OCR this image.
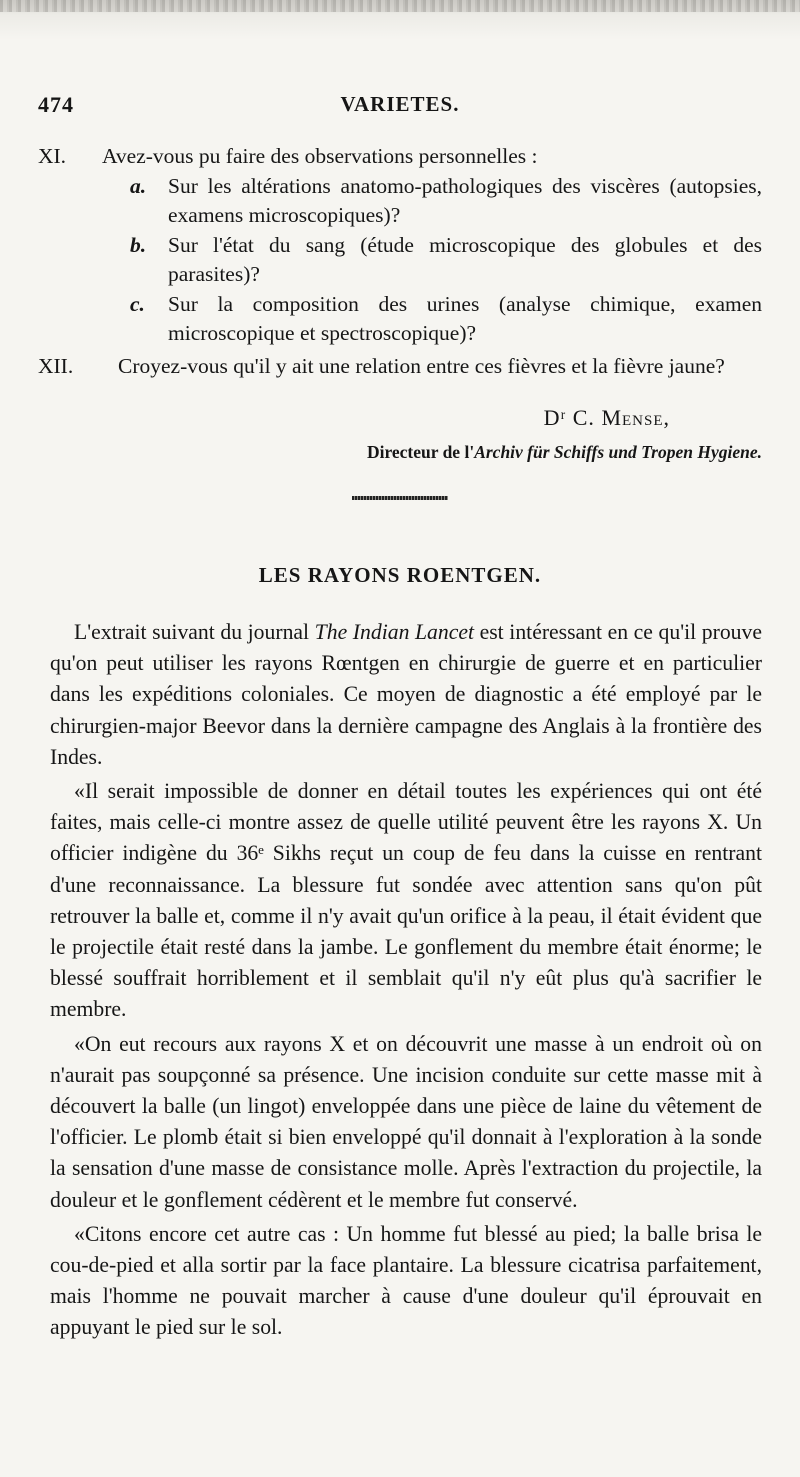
474	VARIETES.
XI. Avez-vous pu faire des observations personnelles :
a. Sur les altérations anatomo-pathologiques des viscères (autopsies, examens microscopiques)?
b. Sur l'état du sang (étude microscopique des globules et des parasites)?
c. Sur la composition des urines (analyse chimique, examen microscopique et spectroscopique)?
XII. Croyez-vous qu'il y ait une relation entre ces fièvres et la fièvre jaune?
Dʳ C. Mense,
Directeur de l'Archiv für Schiffs und Tropen Hygiene.
LES RAYONS ROENTGEN.

L'extrait suivant du journal The Indian Lancet est intéressant en ce qu'il prouve qu'on peut utiliser les rayons Rœntgen en chirurgie de guerre et en particulier dans les expéditions coloniales. Ce moyen de diagnostic a été employé par le chirurgien-major Beevor dans la dernière campagne des Anglais à la frontière des Indes.

«Il serait impossible de donner en détail toutes les expériences qui ont été faites, mais celle-ci montre assez de quelle utilité peuvent être les rayons X. Un officier indigène du 36ᵉ Sikhs reçut un coup de feu dans la cuisse en rentrant d'une reconnaissance. La blessure fut sondée avec attention sans qu'on pût retrouver la balle et, comme il n'y avait qu'un orifice à la peau, il était évident que le projectile était resté dans la jambe. Le gonflement du membre était énorme; le blessé souffrait horriblement et il semblait qu'il n'y eût plus qu'à sacrifier le membre.

«On eut recours aux rayons X et on découvrit une masse à un endroit où on n'aurait pas soupçonné sa présence. Une incision conduite sur cette masse mit à découvert la balle (un lingot) enveloppée dans une pièce de laine du vêtement de l'officier. Le plomb était si bien enveloppé qu'il donnait à l'exploration à la sonde la sensation d'une masse de consistance molle. Après l'extraction du projectile, la douleur et le gonflement cédèrent et le membre fut conservé.

«Citons encore cet autre cas : Un homme fut blessé au pied; la balle brisa le cou-de-pied et alla sortir par la face plantaire. La blessure cicatrisa parfaitement, mais l'homme ne pouvait marcher à cause d'une douleur qu'il éprouvait en appuyant le pied sur le sol.
